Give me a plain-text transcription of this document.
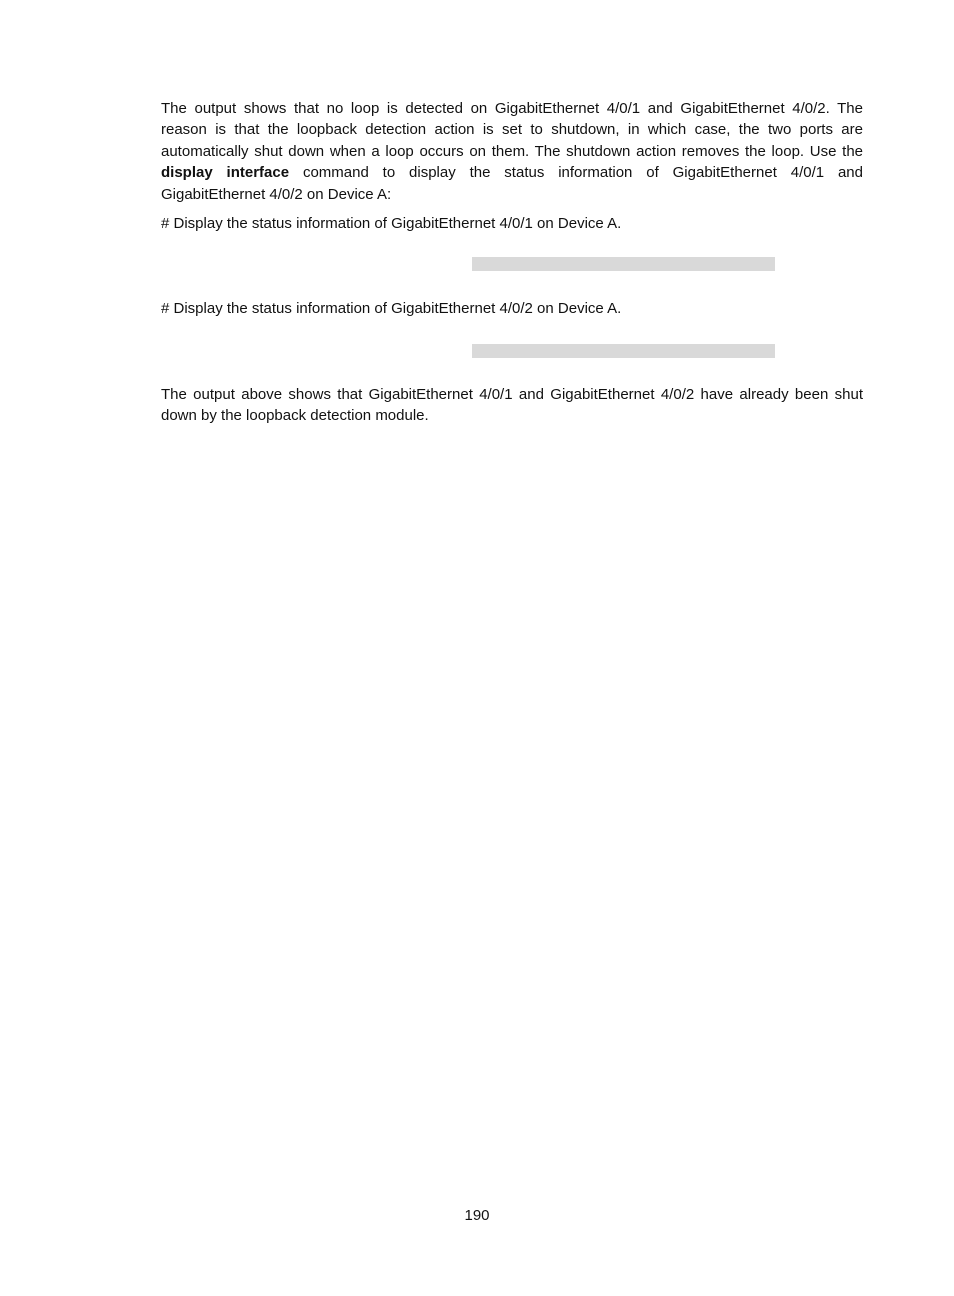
The output shows that no loop is detected on GigabitEthernet 4/0/1 and GigabitEthernet 4/0/2. The reason is that the loopback detection action is set to shutdown, in which case, the two ports are automatically shut down when a loop occurs on them. The shutdown action removes the loop. Use the display interface command to display the status information of GigabitEthernet 4/0/1 and GigabitEthernet 4/0/2 on Device A:

# Display the status information of GigabitEthernet 4/0/1 on Device A.

# Display the status information of GigabitEthernet 4/0/2 on Device A.

The output above shows that GigabitEthernet 4/0/1 and GigabitEthernet 4/0/2 have already been shut down by the loopback detection module.

190
